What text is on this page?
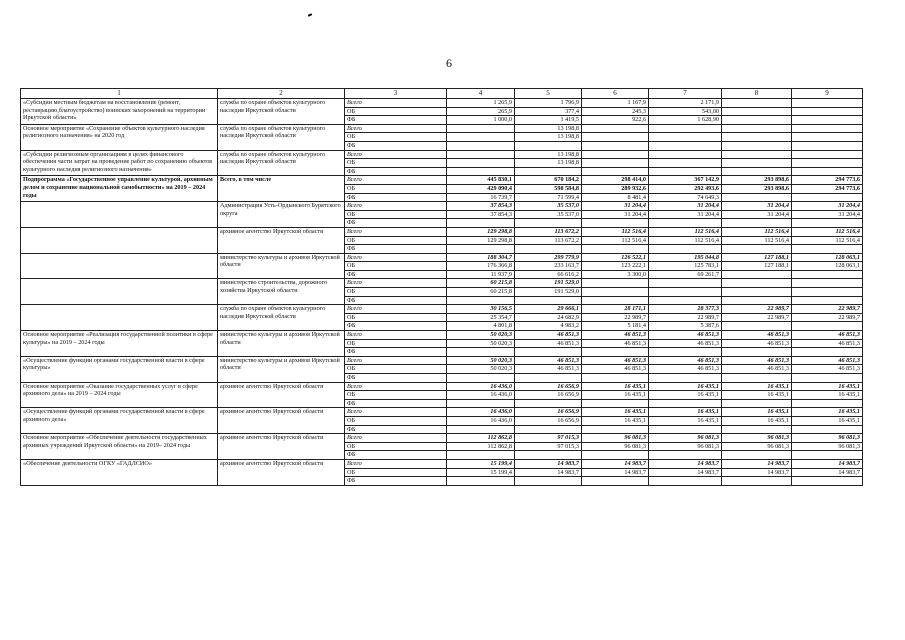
6
1	2	3	4	5	6	7	8	9
«Субсидии местным бюджетам на восстановление (ремонт, реставрацию,благоустройство) воинских захоронений на территории Иркутской области»	служба по охране объектов культурного наследия Иркутской области	Всего	1 265,9	1 796,9	1 167,9	2 171,9		
		ОБ	265,9	377,4	245,3	543,00		
		ФБ	1 000,0	1 419,5	922,6	1 628,90		
Основное мероприятие «Сохранение объектов культурного наследия религиозного назначения» на 2020 год	служба по охране объектов культурного наследия Иркутской области	Всего		13 198,8				
		ОБ		13 198,8				
		ФБ						
«Субсидии религиозным организациям в целях финансового обеспечения части затрат на проведение работ по сохранению объектов культурного наследия религиозного назначения»	служба по охране объектов культурного наследия Иркутской области	Всего		13 198,8				
		ОБ		13 198,8				
		ФБ						
Подпрограмма «Государственное управление культурой, архивным делом и сохранение национальной самобытности» на 2019 – 2024 годы	Всего, в том числе	Всего	445 830,1	670 184,2	298 414,0	367 142,9	293 898,6	294 773,6
		ОБ	429 090,4	598 584,8	289 932,6	292 493,6	293 898,6	294 773,6
		ФБ	16 739,7	71 599,4	8 481,4	74 649,3		
	Администрация Усть-Ордынского Бурятского округа	Всего	37 854,3	35 537,0	31 204,4	31 204,4	31 204,4	31 204,4
		ОБ	37 854,3	35 537,0	31 204,4	31 204,4	31 204,4	31 204,4
		ФБ						
	архивное агентство Иркутской области	Всего	129 298,8	113 672,2	112 516,4	112 516,4	112 516,4	112 516,4
		ОБ	129 298,8	113 672,2	112 516,4	112 516,4	112 516,4	112 516,4
		ФБ						
	министерство культуры и архивов Иркутской области	Всего	188 304,7	299 779,9	126 522,1	195 044,8	127 188,1	128 063,1
		ОБ	176 366,8	233 163,7	123 222,1	125 783,1	127 188,1	128 063,1
		ФБ	11 937,9	66 616,2	3 300,0	69 261,7		
	министерство строительства, дорожного хозяйства Иркутской области	Всего	60 215,8	191 529,0				
		ОБ	60 215,8	191 529,0				
		ФБ						
	служба по охране объектов культурного наследия Иркутской области	Всего	30 156,5	29 666,1	28 171,1	28 377,3	22 989,7	22 989,7
		ОБ	25 354,7	24 682,9	22 989,7	22 989,7	22 989,7	22 989,7
		ФБ	4 801,8	4 983,2	5 181,4	5 387,6		
Основное мероприятие «Реализация государственной политики в сфере культуры» на 2019 – 2024 годы	министерство культуры и архивов Иркутской области	Всего	50 020,3	46 851,3	46 851,3	46 851,3	46 851,3	46 851,3
		ОБ	50 020,3	46 851,3	46 851,3	46 851,3	46 851,3	46 851,3
		ФБ						
«Осуществление функции органами государственной власти в сфере культуры»	министерство культуры и архивов Иркутской области	Всего	50 020,3	46 851,3	46 851,3	46 851,3	46 851,3	46 851,3
		ОБ	50 020,3	46 851,3	46 851,3	46 851,3	46 851,3	46 851,3
		ФБ						
Основное мероприятие «Оказание государственных услуг в сфере архивного дела» на 2019 – 2024 годы	архивное агентство Иркутской области	Всего	16 436,0	16 656,9	16 435,1	16 435,1	16 435,1	16 435,1
		ОБ	16 436,0	16 656,9	16 435,1	16 435,1	16 435,1	16 435,1
		ФБ						
«Осуществление функций органами государственной власти в сфере архивного дела»	архивное агентство Иркутской области	Всего	16 436,0	16 656,9	16 435,1	16 435,1	16 435,1	16 435,1
		ОБ	16 436,0	16 656,9	16 435,1	16 435,1	16 435,1	16 435,1
		ФБ						
Основное мероприятие «Обеспечение деятельности государственных архивных учреждений Иркутской области» на 2019– 2024 годы	архивное агентство Иркутской области	Всего	112 862,8	97 015,3	96 081,3	96 081,3	96 081,3	96 081,3
		ОБ	112 862,8	97 015,3	96 081,3	96 081,3	96 081,3	96 081,3
		ФБ						
«Обеспечение деятельности ОГКУ «ГАДЛСИО»	архивное агентство Иркутской области	Всего	15 199,4	14 983,7	14 983,7	14 983,7	14 983,7	14 983,7
		ОБ	15 199,4	14 983,7	14 983,7	14 983,7	14 983,7	14 983,7
		ФБ						
